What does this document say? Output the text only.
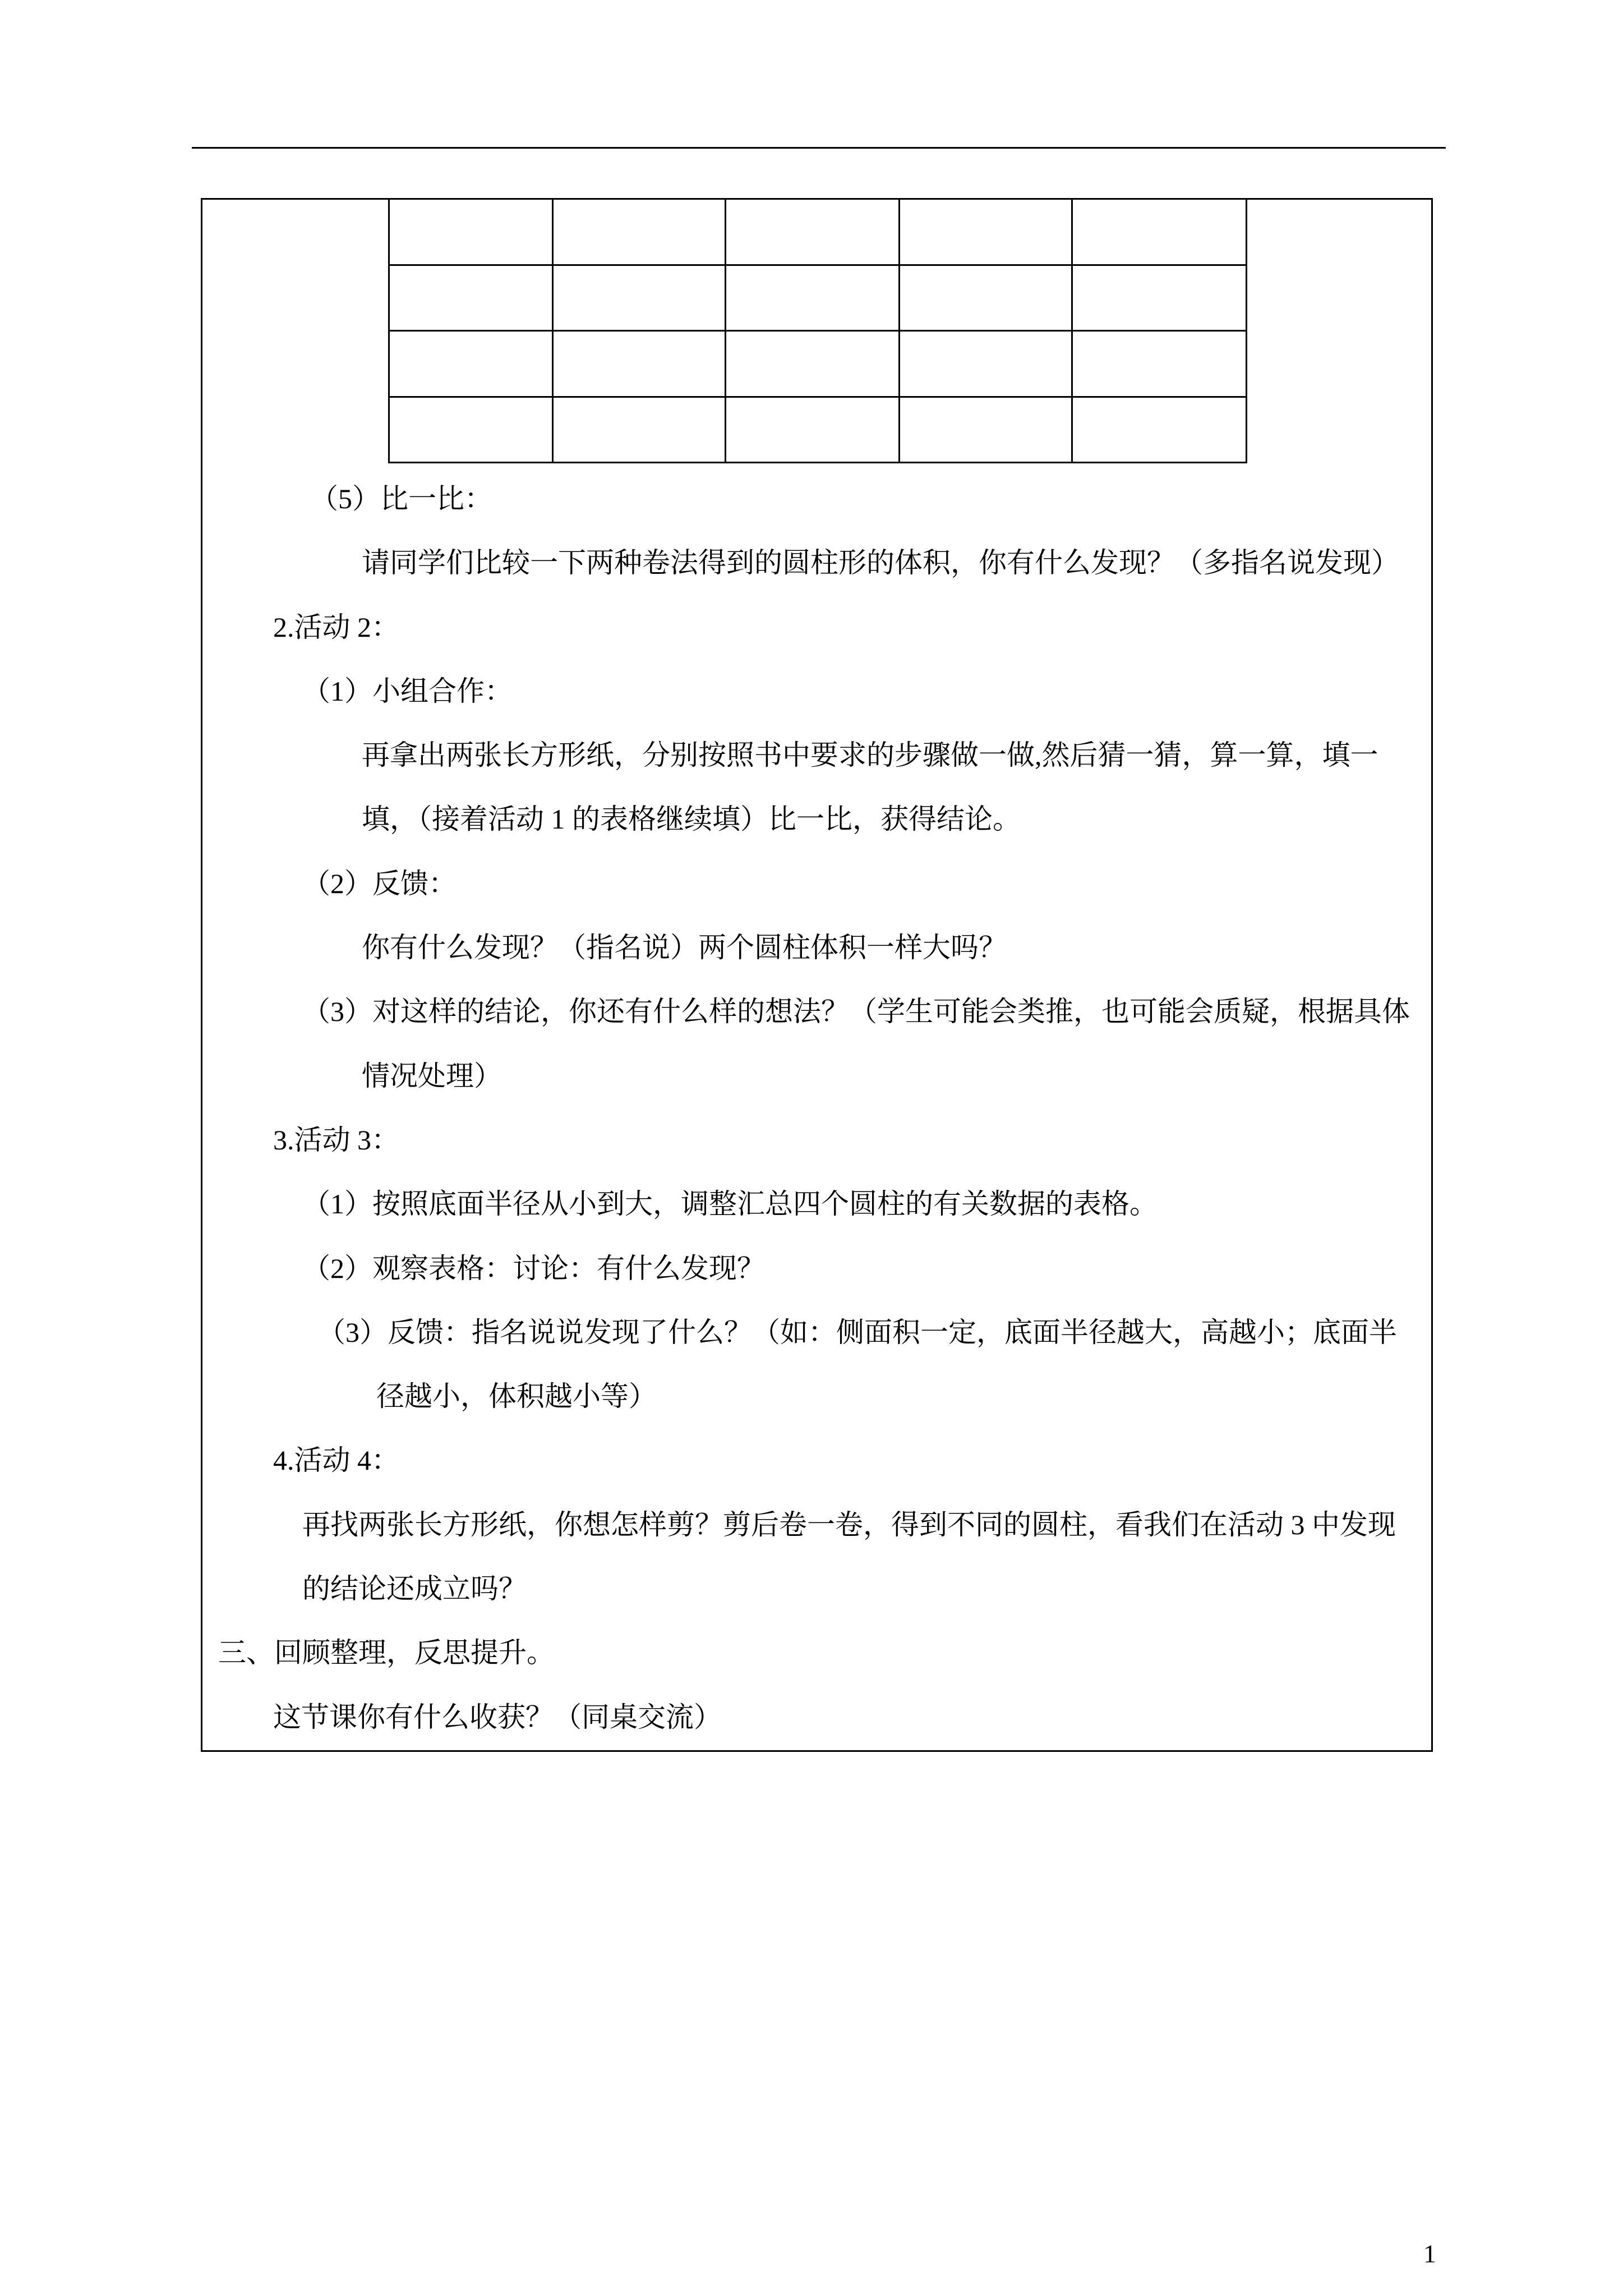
（5）比一比：
请同学们比较一下两种卷法得到的圆柱形的体积，你有什么发现？（多指名说发现）
2.活动 2：
（1）小组合作：
再拿出两张长方形纸，分别按照书中要求的步骤做一做,然后猜一猜，算一算，填一
填，（接着活动 1 的表格继续填）比一比，获得结论。
（2）反馈：
你有什么发现？（指名说）两个圆柱体积一样大吗？
（3）对这样的结论，你还有什么样的想法？（学生可能会类推，也可能会质疑，根据具体
情况处理）
3.活动 3：
（1）按照底面半径从小到大，调整汇总四个圆柱的有关数据的表格。
（2）观察表格：讨论：有什么发现？
（3）反馈：指名说说发现了什么？（如：侧面积一定，底面半径越大，高越小；底面半
径越小，体积越小等）
4.活动 4：
再找两张长方形纸，你想怎样剪？剪后卷一卷，得到不同的圆柱，看我们在活动 3 中发现
的结论还成立吗？
三、回顾整理，反思提升。
这节课你有什么收获？（同桌交流）
1
